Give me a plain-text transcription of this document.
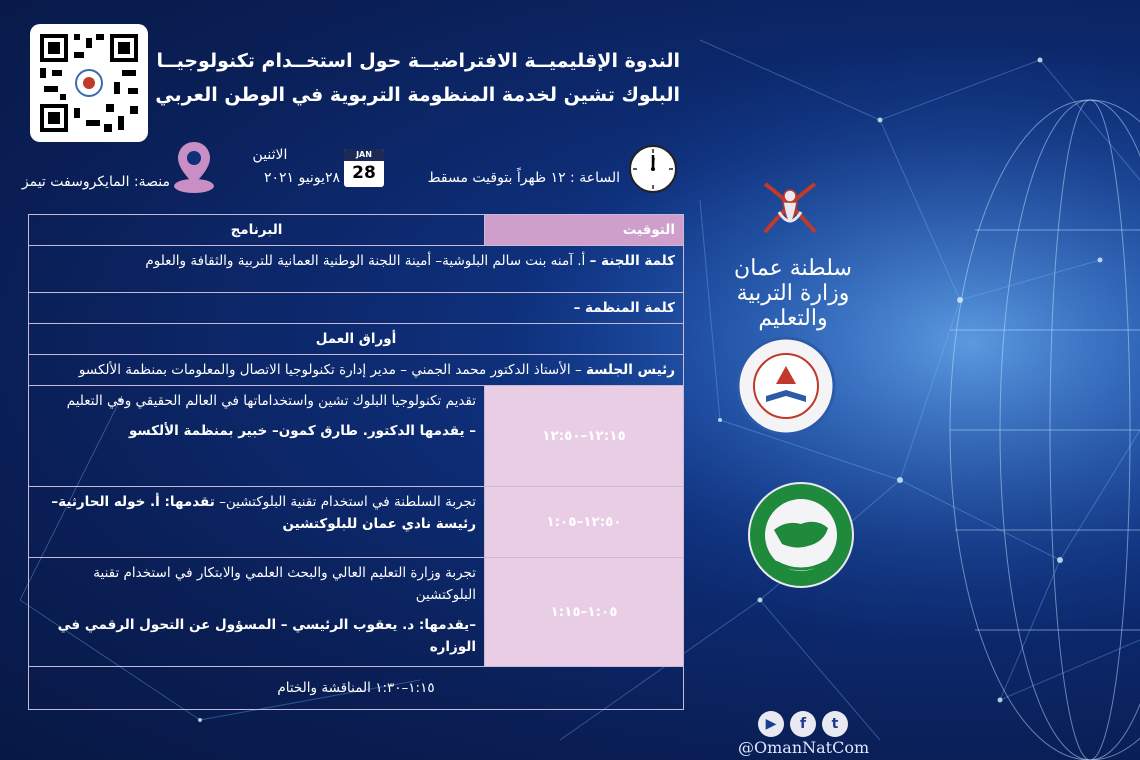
الندوة الإقليميــة الافتراضيــة حول استخــدام تكنولوجيــا
البلوك تشين لخدمة المنظومة التربوية في الوطن العربي
الساعة : ١٢ ظهراً بتوقيت مسقط
JAN
28
الاثنين
٢٨يونيو ٢٠٢١
منصة: المايكروسفت تيمز
التوقيت	البرنامج
كلمة اللجنة – أ. آمنه بنت سالم البلوشية– أمينة اللجنة الوطنية العمانية للتربية والثقافة والعلوم	
كلمة المنظمة –	
أوراق العمل	
رئيس الجلسة – الأستاذ الدكتور محمد الجمني – مدير إدارة تكنولوجيا الاتصال والمعلومات بمنظمة الألكسو	
١٢:١٥–١٢:٥٠	تقديم تكنولوجيا البلوك تشين واستخداماتها في العالم الحقيقي وفي التعليم
– يقدمها الدكتور. طارق كمون– خبير بمنظمة الألكسو

١٢:٥٠–١:٠٥	تجربة السلطنة في استخدام تقنية البلوكتشين– تقدمها: أ. خوله الحارثية– رئيسة نادي عمان للبلوكتشين
١:٠٥–١:١٥	تجربة وزارة التعليم العالي والبحث العلمي والابتكار في استخدام تقنية البلوكتشين
–يقدمها: د. يعقوب الرئيسي – المسؤول عن التحول الرقمي في الوزاره

١:١٥–١:٣٠ المناقشة والختام	
سلطنة عمان
وزارة التربية والتعليم
▶	f	t
@OmanNatCom
